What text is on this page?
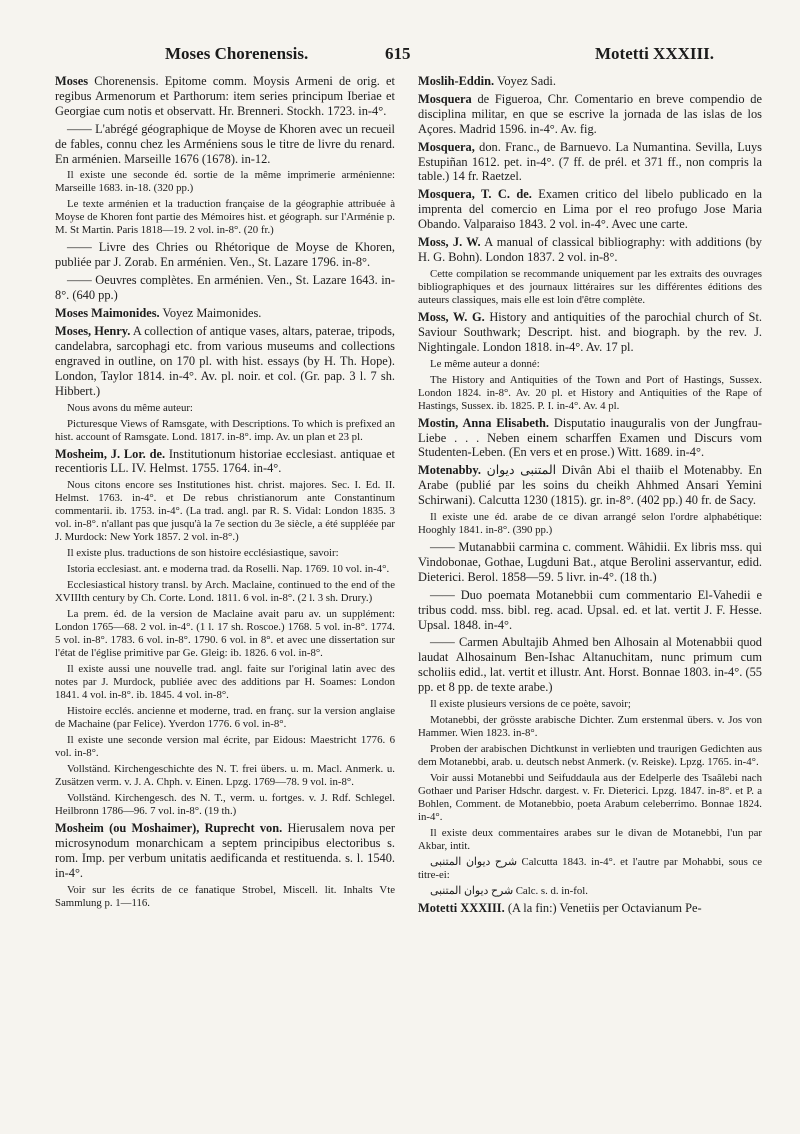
Moses Chorenensis.	615	Motetti XXXIII.
Moses Chorenensis. Epitome comm. Moysis Armeni de orig. et regibus Armenorum et Parthorum: item series principum Iberiae et Georgiae cum notis et observatt. Hr. Brenneri. Stockh. 1723. in-4°.
—— L'abrégé géographique de Moyse de Khoren avec un recueil de fables, connu chez les Arméniens sous le titre de livre du renard. En arménien. Marseille 1676 (1678). in-12.
Il existe une seconde éd. sortie de la même imprimerie arménienne: Marseille 1683. in-18. (320 pp.)
Le texte arménien et la traduction française de la géographie attribuée à Moyse de Khoren font partie des Mémoires hist. et géograph. sur l'Arménie p. M. St Martin. Paris 1818—19. 2 vol. in-8°. (20 fr.)
—— Livre des Chries ou Rhétorique de Moyse de Khoren, publiée par J. Zorab. En arménien. Ven., St. Lazare 1796. in-8°.
—— Oeuvres complètes. En arménien. Ven., St. Lazare 1643. in-8°. (640 pp.)
Moses Maimonides. Voyez Maimonides.
Moses, Henry. A collection of antique vases, altars, paterae, tripods, candelabra, sarcophagi etc. from various museums and collections engraved in outline, on 170 pl. with hist. essays (by H. Th. Hope). London, Taylor 1814. in-4°. Av. pl. noir. et col. (Gr. pap. 3 l. 7 sh. Hibbert.)
Nous avons du même auteur:
Picturesque Views of Ramsgate, with Descriptions. To which is prefixed an hist. account of Ramsgate. Lond. 1817. in-8°. imp. Av. un plan et 23 pl.
Mosheim, J. Lor. de. Institutionum historiae ecclesiast. antiquae et recentioris LL. IV. Helmst. 1755. 1764. in-4°.
Nous citons encore ses Institutiones hist. christ. majores. Sec. I. Ed. II. Helmst. 1763. in-4°. et De rebus christianorum ante Constantinum commentarii. ib. 1753. in-4°. (La trad. angl. par R. S. Vidal: London 1835. 3 vol. in-8°. n'allant pas que jusqu'à la 7e section du 3e siècle, a été suppléée par J. Murdock: New York 1857. 2 vol. in-8°.)
Il existe plus. traductions de son histoire ecclésiastique, savoir:
Istoria ecclesiast. ant. e moderna trad. da Roselli. Nap. 1769. 10 vol. in-4°.
Ecclesiastical history transl. by Arch. Maclaine, continued to the end of the XVIIIth century by Ch. Corte. Lond. 1811. 6 vol. in-8°. (2 l. 3 sh. Drury.)
La prem. éd. de la version de Maclaine avait paru av. un supplément: London 1765—68. 2 vol. in-4°. (1 l. 17 sh. Roscoe.) 1768. 5 vol. in-8°. 1774. 5 vol. in-8°. 1783. 6 vol. in-8°. 1790. 6 vol. in 8°. et avec une dissertation sur l'état de l'église primitive par Ge. Gleig: ib. 1826. 6 vol. in-8°.
Il existe aussi une nouvelle trad. angl. faite sur l'original latin avec des notes par J. Murdock, publiée avec des additions par H. Soames: London 1841. 4 vol. in-8°. ib. 1845. 4 vol. in-8°.
Histoire ecclés. ancienne et moderne, trad. en franç. sur la version anglaise de Machaine (par Felice). Yverdon 1776. 6 vol. in-8°.
Il existe une seconde version mal écrite, par Eidous: Maestricht 1776. 6 vol. in-8°.
Vollständ. Kirchengeschichte des N. T. frei übers. u. m. Macl. Anmerk. u. Zusätzen verm. v. J. A. Chph. v. Einen. Lpzg. 1769—78. 9 vol. in-8°.
Vollständ. Kirchengesch. des N. T., verm. u. fortges. v. J. Rdf. Schlegel. Heilbronn 1786—96. 7 vol. in-8°. (19 th.)
Mosheim (ou Moshaimer), Ruprecht von. Hierusalem nova per microsynodum monarchicam a septem principibus electoribus s. rom. Imp. per verbum unitatis aedificanda et restituenda. s. l. 1540. in-4°.
Voir sur les écrits de ce fanatique Strobel, Miscell. lit. Inhalts Vte Sammlung p. 1—116.
Moslih-Eddin. Voyez Sadi.
Mosquera de Figueroa, Chr. Comentario en breve compendio de disciplina militar, en que se escrive la jornada de las islas de los Açores. Madrid 1596. in-4°. Av. fig.
Mosquera, don. Franc., de Barnuevo. La Numantina. Sevilla, Luys Estupiñan 1612. pet. in-4°. (7 ff. de prél. et 371 ff., non compris la table.) 14 fr. Raetzel.
Mosquera, T. C. de. Examen critico del libelo publicado en la imprenta del comercio en Lima por el reo profugo Jose Maria Obando. Valparaiso 1843. 2 vol. in-4°. Avec une carte.
Moss, J. W. A manual of classical bibliography: with additions (by H. G. Bohn). London 1837. 2 vol. in-8°.
Cette compilation se recommande uniquement par les extraits des ouvrages bibliographiques et des journaux littéraires sur les différentes éditions des auteurs classiques, mais elle est loin d'être complète.
Moss, W. G. History and antiquities of the parochial church of St. Saviour Southwark; Descript. hist. and biograph. by the rev. J. Nightingale. London 1818. in-4°. Av. 17 pl.
Le même auteur a donné:
The History and Antiquities of the Town and Port of Hastings, Sussex. London 1824. in-8°. Av. 20 pl. et History and Antiquities of the Rape of Hastings, Sussex. ib. 1825. P. I. in-4°. Av. 4 pl.
Mostin, Anna Elisabeth. Disputatio inauguralis von der Jungfrau-Liebe . . . Neben einem scharffen Examen und Discurs vom Studenten-Leben. (En vers et en prose.) Witt. 1689. in-4°.
Motenabby. المتنبى ديوان Divân Abi el thaiib el Motenabby. En Arabe (publié par les soins du cheikh Ahhmed Ansari Yemini Schirwani). Calcutta 1230 (1815). gr. in-8°. (402 pp.) 40 fr. de Sacy.
Il existe une éd. arabe de ce divan arrangé selon l'ordre alphabétique: Hooghly 1841. in-8°. (390 pp.)
—— Mutanabbii carmina c. comment. Wâhidii. Ex libris mss. qui Vindobonae, Gothae, Lugduni Bat., atque Berolini asservantur, edid. Dieterici. Berol. 1858—59. 5 livr. in-4°. (18 th.)
—— Duo poemata Motanebbii cum commentario El-Vahedii e tribus codd. mss. bibl. reg. acad. Upsal. ed. et lat. vertit J. F. Hesse. Upsal. 1848. in-4°.
—— Carmen Abultajib Ahmed ben Alhosain al Motenabbii quod laudat Alhosainum Ben-Ishac Altanuchitam, nunc primum cum scholiis edid., lat. vertit et illustr. Ant. Horst. Bonnae 1803. in-4°. (55 pp. et 8 pp. de texte arabe.)
Il existe plusieurs versions de ce poète, savoir;
Motanebbi, der grösste arabische Dichter. Zum erstenmal übers. v. Jos von Hammer. Wien 1823. in-8°.
Proben der arabischen Dichtkunst in verliebten und traurigen Gedichten aus dem Motanebbi, arab. u. deutsch nebst Anmerk. (v. Reiske). Lpzg. 1765. in-4°.
Voir aussi Motanebbi und Seifuddaula aus der Edelperle des Tsaâlebi nach Gothaer und Pariser Hdschr. dargest. v. Fr. Dieterici. Lpzg. 1847. in-8°. et P. a Bohlen, Comment. de Motanebbio, poeta Arabum celeberrimo. Bonnae 1824. in-4°.
Il existe deux commentaires arabes sur le divan de Motanebbi, l'un par Akbar, intit.
شرح ديوان المتنبى Calcutta 1843. in-4°. et l'autre par Mohabbi, sous ce titre-ei:
شرح ديوان المتنبى Calc. s. d. in-fol.
Motetti XXXIII. (A la fin:) Venetiis per Octavianum Pe-
